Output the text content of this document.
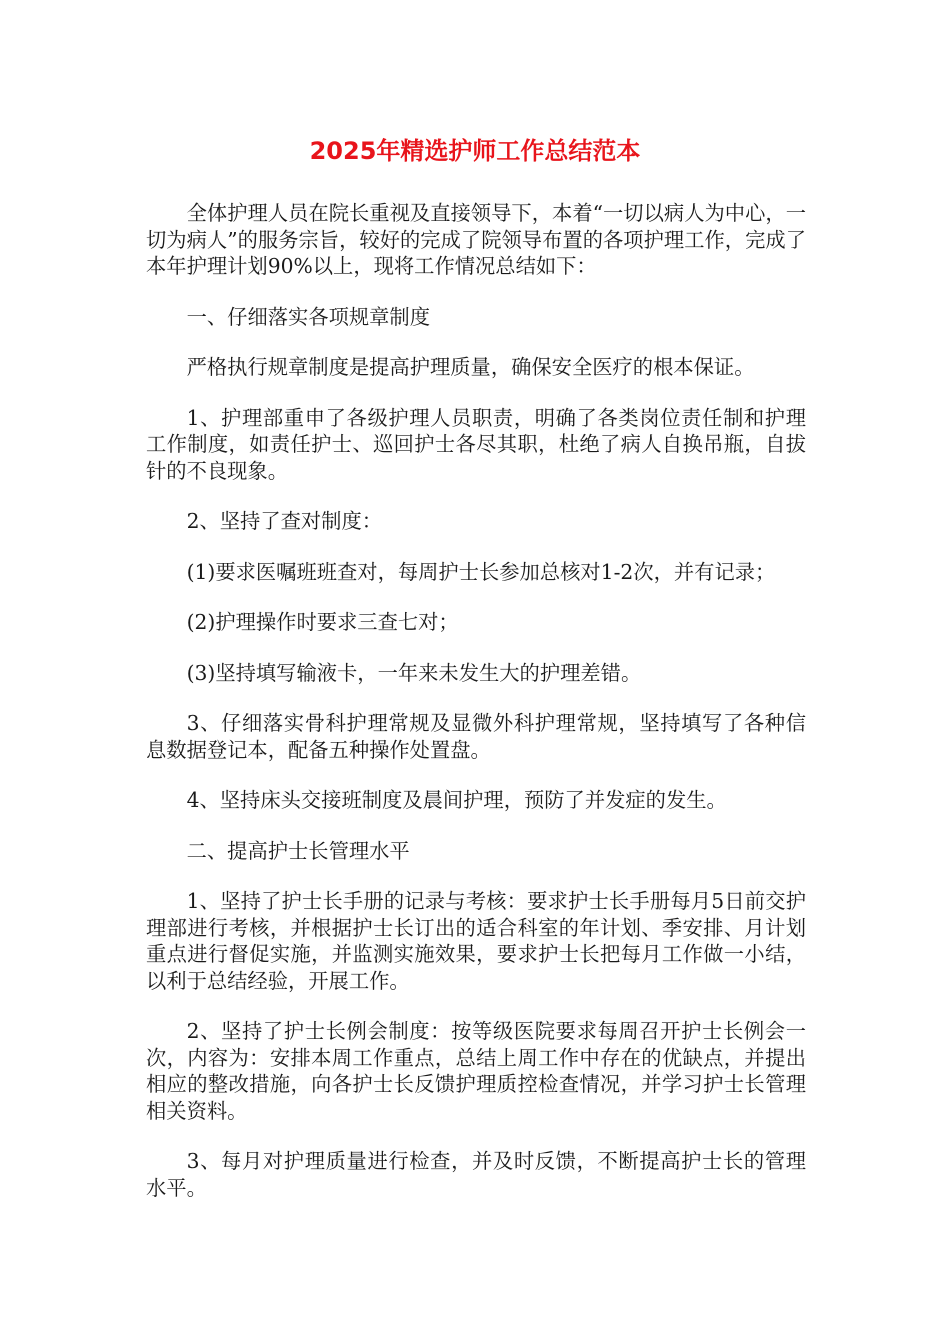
2025年精选护师工作总结范本

全体护理人员在院长重视及直接领导下，本着“一切以病人为中心，一切为病人”的服务宗旨，较好的完成了院领导布置的各项护理工作，完成了本年护理计划90%以上，现将工作情况总结如下：

一、仔细落实各项规章制度

严格执行规章制度是提高护理质量，确保安全医疗的根本保证。

1、护理部重申了各级护理人员职责，明确了各类岗位责任制和护理工作制度，如责任护士、巡回护士各尽其职，杜绝了病人自换吊瓶，自拔针的不良现象。

2、坚持了查对制度：

(1)要求医嘱班班查对，每周护士长参加总核对1-2次，并有记录；

(2)护理操作时要求三查七对；

(3)坚持填写输液卡，一年来未发生大的护理差错。

3、仔细落实骨科护理常规及显微外科护理常规，坚持填写了各种信息数据登记本，配备五种操作处置盘。

4、坚持床头交接班制度及晨间护理，预防了并发症的发生。

二、提高护士长管理水平

1、坚持了护士长手册的记录与考核：要求护士长手册每月5日前交护理部进行考核，并根据护士长订出的适合科室的年计划、季安排、月计划重点进行督促实施，并监测实施效果，要求护士长把每月工作做一小结，以利于总结经验，开展工作。

2、坚持了护士长例会制度：按等级医院要求每周召开护士长例会一次，内容为：安排本周工作重点，总结上周工作中存在的优缺点，并提出相应的整改措施，向各护士长反馈护理质控检查情况，并学习护士长管理相关资料。

3、每月对护理质量进行检查，并及时反馈，不断提高护士长的管理水平。
